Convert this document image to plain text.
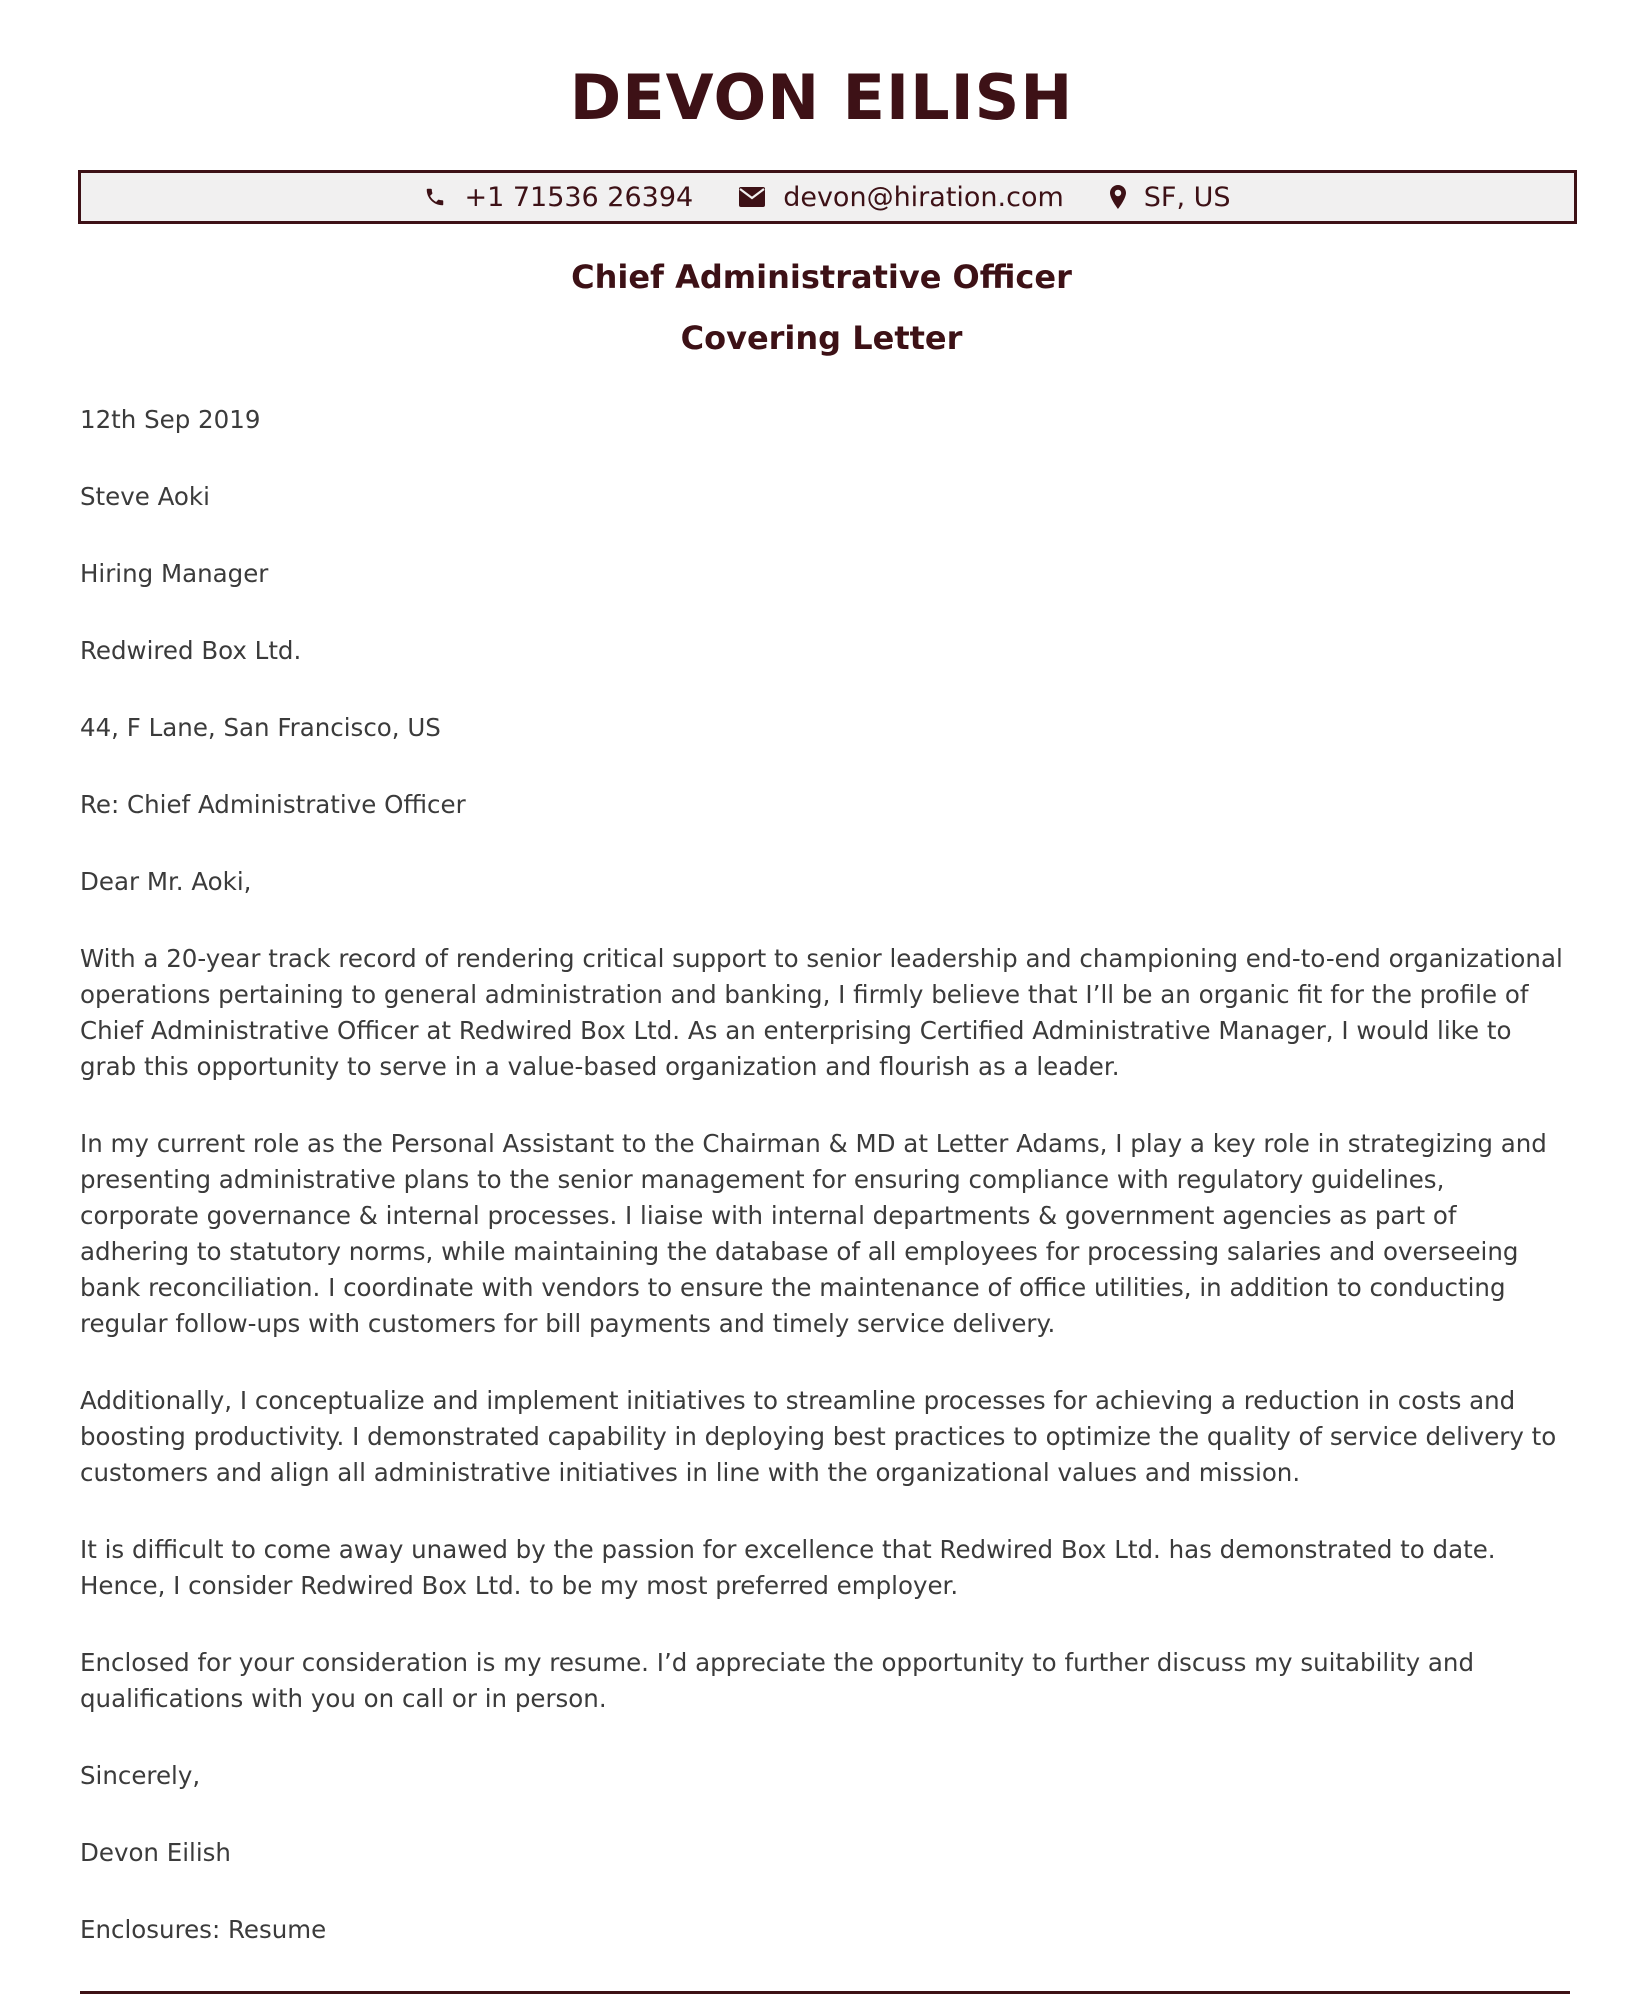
DEVON EILISH
+1 71536 26394	devon@hiration.com	SF, US
Chief Administrative Officer
Covering Letter
12th Sep 2019
Steve Aoki
Hiring Manager
Redwired Box Ltd.
44, F Lane, San Francisco, US
Re: Chief Administrative Officer
Dear Mr. Aoki,
With a 20-year track record of rendering critical support to senior leadership and championing end-to-end organizational operations pertaining to general administration and banking, I firmly believe that I’ll be an organic fit for the profile of Chief Administrative Officer at Redwired Box Ltd. As an enterprising Certified Administrative Manager, I would like to grab this opportunity to serve in a value-based organization and flourish as a leader.
In my current role as the Personal Assistant to the Chairman & MD at Letter Adams, I play a key role in strategizing and presenting administrative plans to the senior management for ensuring compliance with regulatory guidelines, corporate governance & internal processes. I liaise with internal departments & government agencies as part of adhering to statutory norms, while maintaining the database of all employees for processing salaries and overseeing bank reconciliation. I coordinate with vendors to ensure the maintenance of office utilities, in addition to conducting regular follow-ups with customers for bill payments and timely service delivery.
Additionally, I conceptualize and implement initiatives to streamline processes for achieving a reduction in costs and boosting productivity. I demonstrated capability in deploying best practices to optimize the quality of service delivery to customers and align all administrative initiatives in line with the organizational values and mission.
It is difficult to come away unawed by the passion for excellence that Redwired Box Ltd. has demonstrated to date. Hence, I consider Redwired Box Ltd. to be my most preferred employer.
Enclosed for your consideration is my resume. I’d appreciate the opportunity to further discuss my suitability and qualifications with you on call or in person.
Sincerely,
Devon Eilish
Enclosures: Resume
